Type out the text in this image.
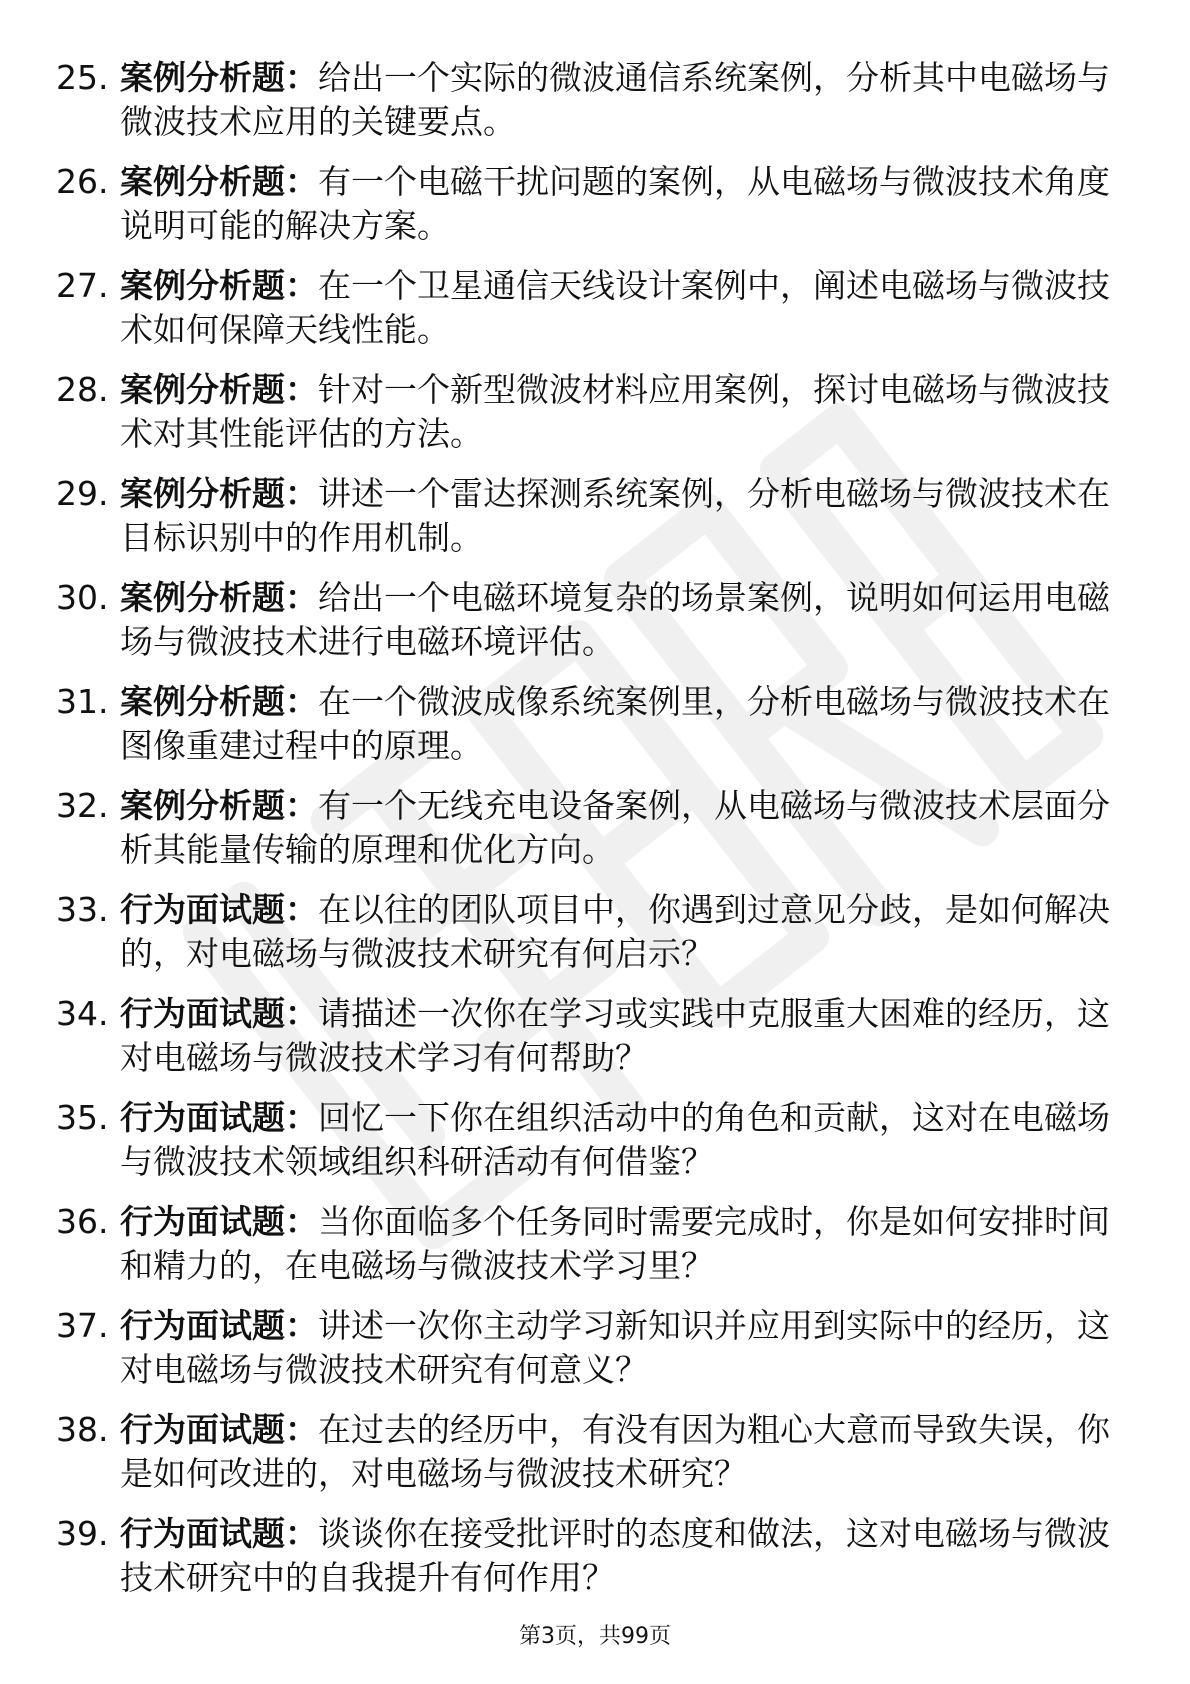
25. 案例分析题：给出一个实际的微波通信系统案例，分析其中电磁场与微波技术应用的关键要点。
26. 案例分析题：有一个电磁干扰问题的案例，从电磁场与微波技术角度说明可能的解决方案。
27. 案例分析题：在一个卫星通信天线设计案例中，阐述电磁场与微波技术如何保障天线性能。
28. 案例分析题：针对一个新型微波材料应用案例，探讨电磁场与微波技术对其性能评估的方法。
29. 案例分析题：讲述一个雷达探测系统案例，分析电磁场与微波技术在目标识别中的作用机制。
30. 案例分析题：给出一个电磁环境复杂的场景案例，说明如何运用电磁场与微波技术进行电磁环境评估。
31. 案例分析题：在一个微波成像系统案例里，分析电磁场与微波技术在图像重建过程中的原理。
32. 案例分析题：有一个无线充电设备案例，从电磁场与微波技术层面分析其能量传输的原理和优化方向。
33. 行为面试题：在以往的团队项目中，你遇到过意见分歧，是如何解决的，对电磁场与微波技术研究有何启示？
34. 行为面试题：请描述一次你在学习或实践中克服重大困难的经历，这对电磁场与微波技术学习有何帮助？
35. 行为面试题：回忆一下你在组织活动中的角色和贡献，这对在电磁场与微波技术领域组织科研活动有何借鉴？
36. 行为面试题：当你面临多个任务同时需要完成时，你是如何安排时间和精力的，在电磁场与微波技术学习里？
37. 行为面试题：讲述一次你主动学习新知识并应用到实际中的经历，这对电磁场与微波技术研究有何意义？
38. 行为面试题：在过去的经历中，有没有因为粗心大意而导致失误，你是如何改进的，对电磁场与微波技术研究？
39. 行为面试题：谈谈你在接受批评时的态度和做法，这对电磁场与微波技术研究中的自我提升有何作用？
第3页，共99页
